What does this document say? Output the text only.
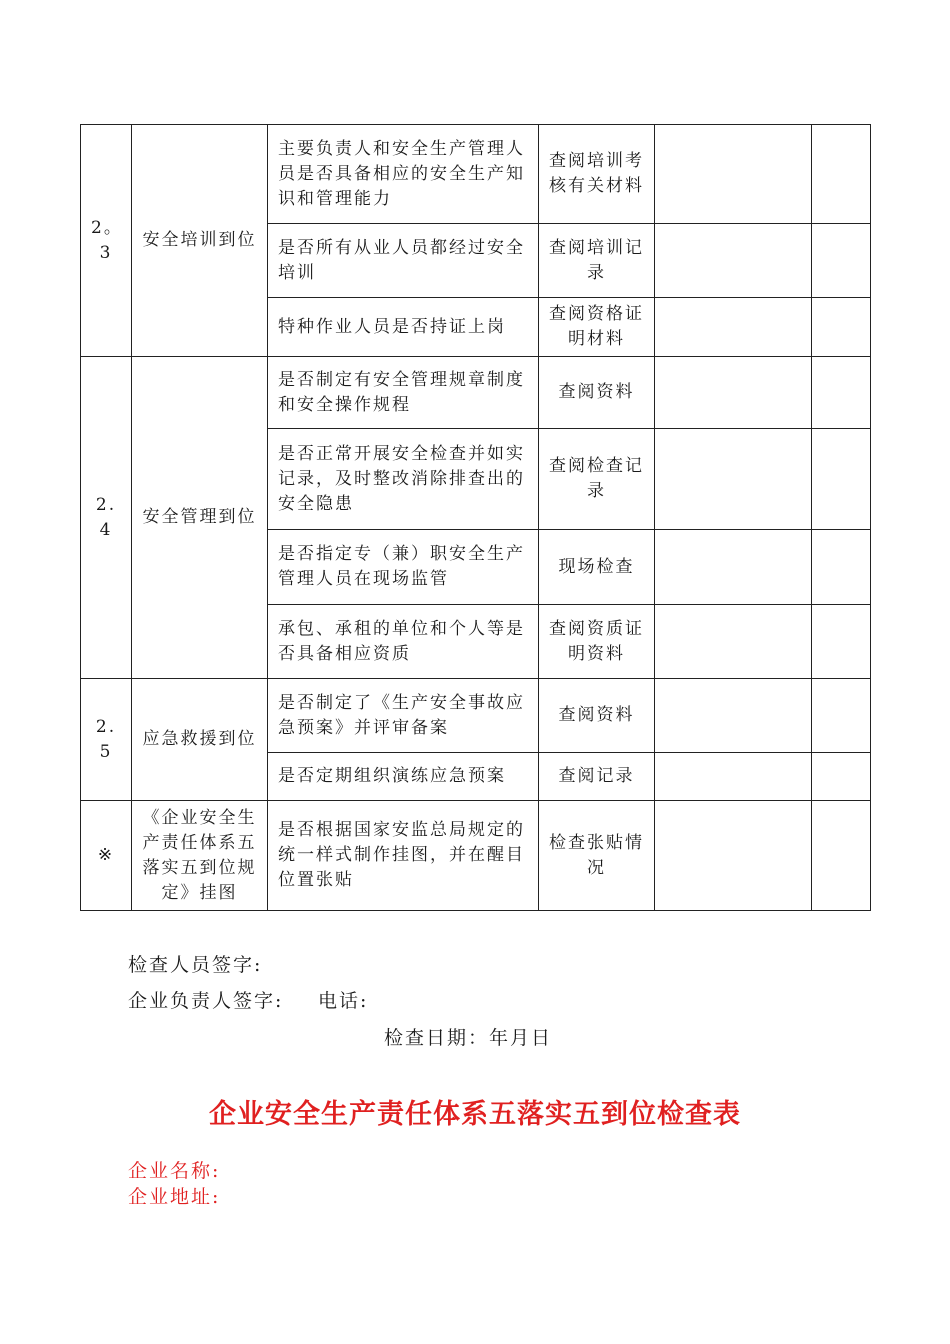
2。3	安全培训到位	主要负责人和安全生产管理人员是否具备相应的安全生产知识和管理能力	查阅培训考核有关材料		
		是否所有从业人员都经过安全培训	查阅培训记录		
		特种作业人员是否持证上岗	查阅资格证明材料		
2.4	安全管理到位	是否制定有安全管理规章制度和安全操作规程	查阅资料		
		是否正常开展安全检查并如实记录，及时整改消除排查出的安全隐患	查阅检查记录		
		是否指定专（兼）职安全生产管理人员在现场监管	现场检查		
		承包、承租的单位和个人等是否具备相应资质	查阅资质证明资料		
2.5	应急救援到位	是否制定了《生产安全事故应急预案》并评审备案	查阅资料		
		是否定期组织演练应急预案	查阅记录		
※	《企业安全生产责任体系五落实五到位规定》挂图	是否根据国家安监总局规定的统一样式制作挂图，并在醒目位置张贴	检查张贴情况		
检查人员签字:
企业负责人签字: 电话:
检查日期：年月日
企业安全生产责任体系五落实五到位检查表
企业名称:
企业地址:
